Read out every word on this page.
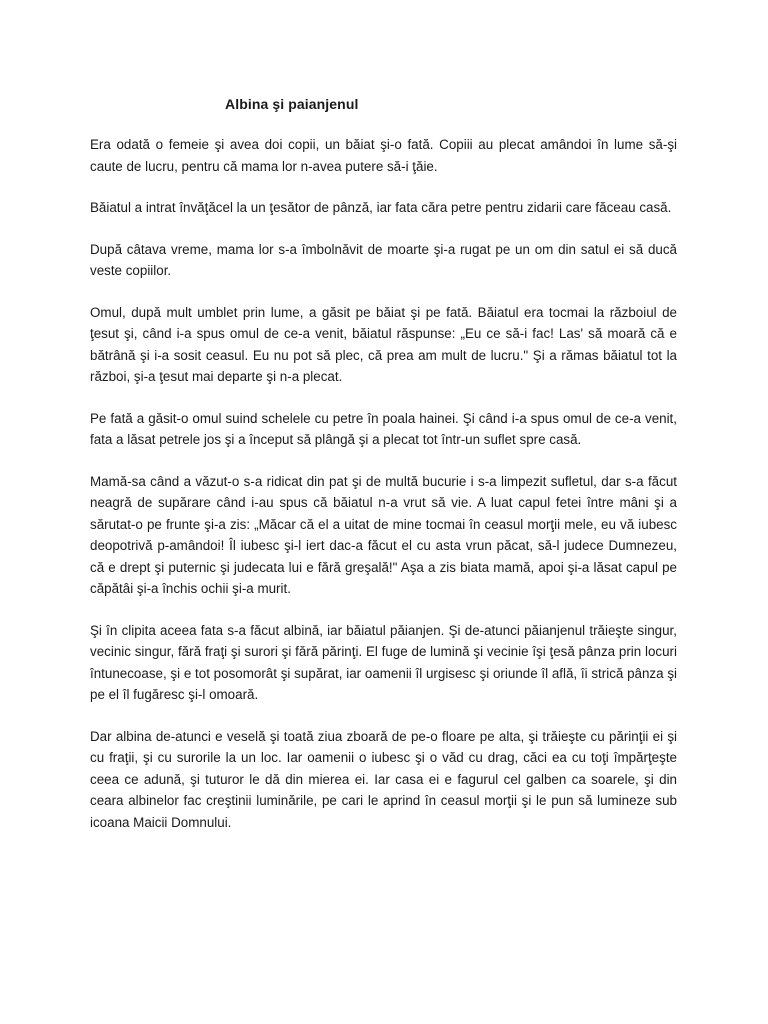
Albina şi paianjenul

Era odată o femeie şi avea doi copii, un băiat şi-o fată. Copiii au plecat amândoi în lume să-şi caute de lucru, pentru că mama lor n-avea putere să-i ţăie.

Băiatul a intrat învăţăcel la un ţesător de pânză, iar fata căra petre pentru zidarii care făceau casă.

După câtava vreme, mama lor s-a îmbolnăvit de moarte şi-a rugat pe un om din satul ei să ducă veste copiilor.

Omul, după mult umblet prin lume, a găsit pe băiat şi pe fată. Băiatul era tocmai la războiul de ţesut şi, când i-a spus omul de ce-a venit, băiatul răspunse: „Eu ce să-i fac! Las' să moară că e bătrână şi i-a sosit ceasul. Eu nu pot să plec, că prea am mult de lucru." Şi a rămas băiatul tot la război, şi-a ţesut mai departe şi n-a plecat.

Pe fată a găsit-o omul suind schelele cu petre în poala hainei. Şi când i-a spus omul de ce-a venit, fata a lăsat petrele jos şi a început să plângă şi a plecat tot într-un suflet spre casă.

Mamă-sa când a văzut-o s-a ridicat din pat şi de multă bucurie i s-a limpezit sufletul, dar s-a făcut neagră de supărare când i-au spus că băiatul n-a vrut să vie. A luat capul fetei între mâni şi a sărutat-o pe frunte şi-a zis: „Măcar că el a uitat de mine tocmai în ceasul morţii mele, eu vă iubesc deopotrivă p-amândoi! Îl iubesc şi-l iert dac-a făcut el cu asta vrun păcat, să-l judece Dumnezeu, că e drept şi puternic şi judecata lui e fără greşală!" Aşa a zis biata mamă, apoi şi-a lăsat capul pe căpătâi şi-a închis ochii şi-a murit.

Şi în clipita aceea fata s-a făcut albină, iar băiatul păianjen. Şi de-atunci păianjenul trăieşte singur, vecinic singur, fără fraţi şi surori şi fără părinţi. El fuge de lumină şi vecinie îşi ţesă pânza prin locuri întunecoase, şi e tot posomorât şi supărat, iar oamenii îl urgisesc şi oriunde îl află, îi strică pânza şi pe el îl fugăresc şi-l omoară.

Dar albina de-atunci e veselă şi toată ziua zboară de pe-o floare pe alta, şi trăieşte cu părinţii ei şi cu fraţii, şi cu surorile la un loc. Iar oamenii o iubesc şi o văd cu drag, căci ea cu toţi împărţeşte ceea ce adună, şi tuturor le dă din mierea ei. Iar casa ei e fagurul cel galben ca soarele, şi din ceara albinelor fac creştinii luminările, pe cari le aprind în ceasul morţii şi le pun să lumineze sub icoana Maicii Domnului.
